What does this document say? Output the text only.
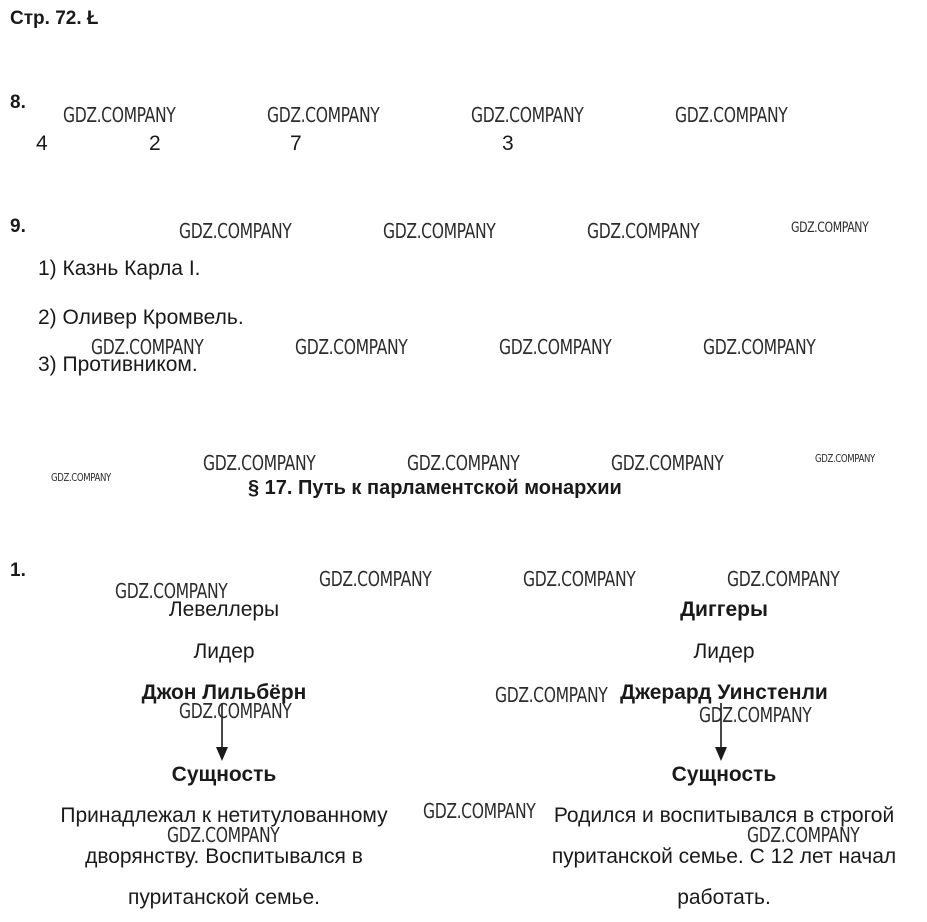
Стр. 72. Ł
8.
4	2	7	3
9.
1) Казнь Карла I.
2) Оливер Кромвель.
3) Противником.
§ 17. Путь к парламентской монархии
1.
Левеллеры
Лидер
Джон Лильбёрн
Сущность
Принадлежал к нетитулованному
дворянству. Воспитывался в
пуританской семье.
Диггеры
Лидер
Джерард Уинстенли
Сущность
Родился и воспитывался в строгой
пуританской семье. С 12 лет начал
работать.
GDZ.COMPANY	GDZ.COMPANY	GDZ.COMPANY	GDZ.COMPANY
GDZ.COMPANY	GDZ.COMPANY	GDZ.COMPANY	GDZ.COMPANY
GDZ.COMPANY	GDZ.COMPANY	GDZ.COMPANY	GDZ.COMPANY
GDZ.COMPANY
GDZ.COMPANY	GDZ.COMPANY	GDZ.COMPANY	GDZ.COMPANY
GDZ.COMPANY	GDZ.COMPANY	GDZ.COMPANY	GDZ.COMPANY
GDZ.COMPANY
GDZ.COMPANY
GDZ.COMPANY
GDZ.COMPANY
GDZ.COMPANY	GDZ.COMPANY
